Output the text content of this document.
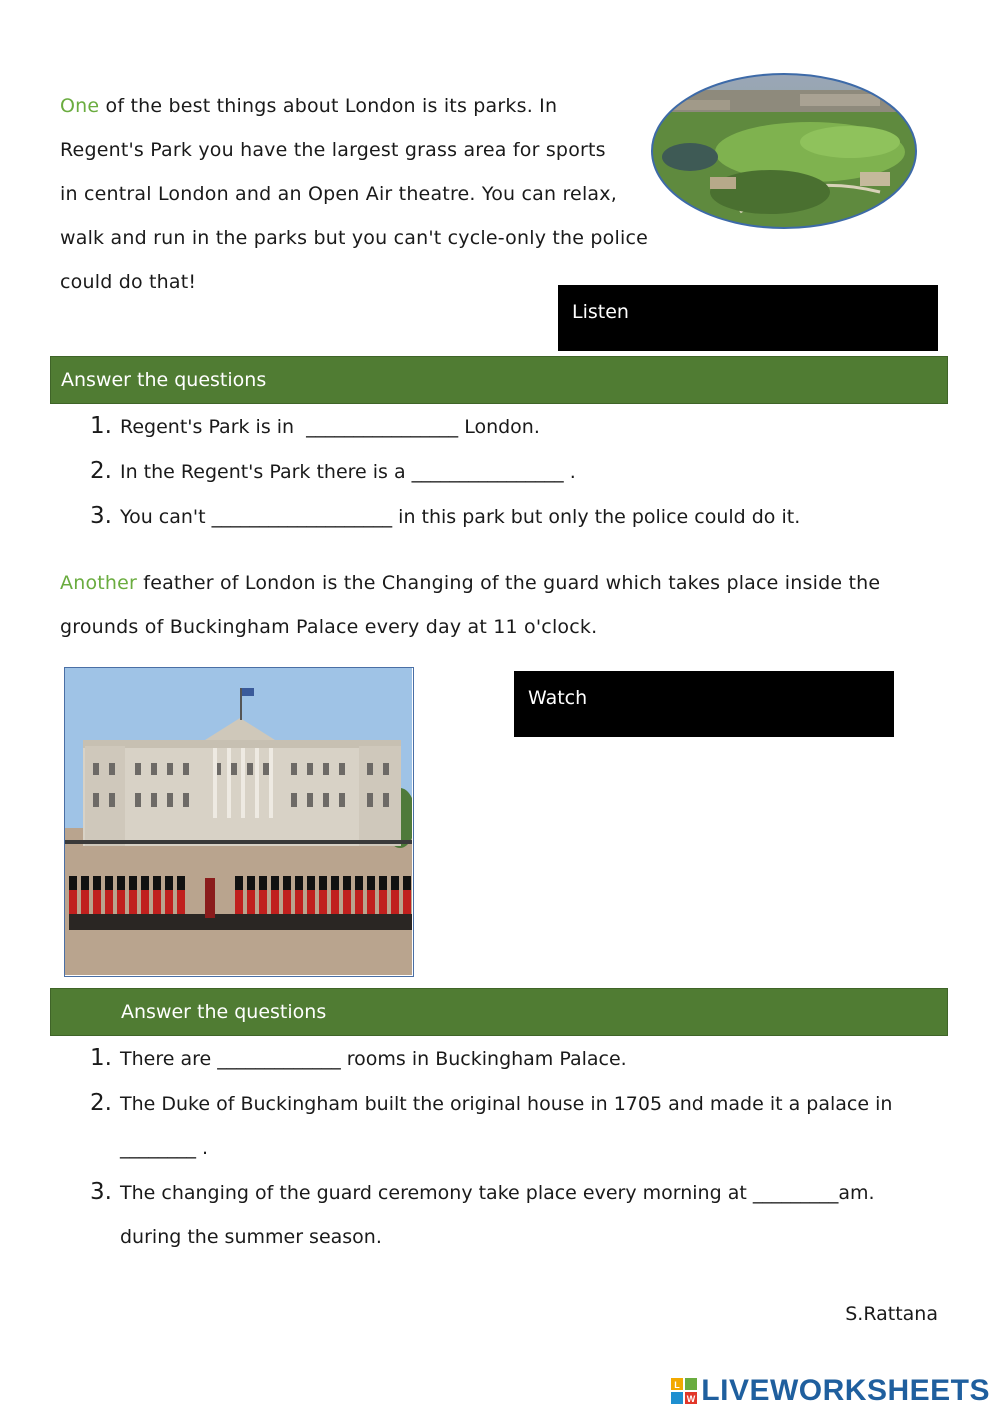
One of the best things about London is its parks. In
Regent's Park you have the largest grass area for sports
in central London and an Open Air theatre. You can relax,
walk and run in the parks but you can't cycle-only the police
could do that!
Listen
Answer the questions
1. Regent's Park is in  ________________ London.
2. In the Regent's Park there is a ________________ .
3. You can't ___________________ in this park but only the police could do it.
Another feather of London is the Changing of the guard which takes place inside the
grounds of Buckingham Palace every day at 11 o'clock.
Watch
Answer the questions
1. There are _____________ rooms in Buckingham Palace.
2. The Duke of Buckingham built the original house in 1705 and made it a palace in
________ .
3. The changing of the guard ceremony take place every morning at _________am.
during the summer season.
S.Rattana
L
W LIVEWORKSHEETS
